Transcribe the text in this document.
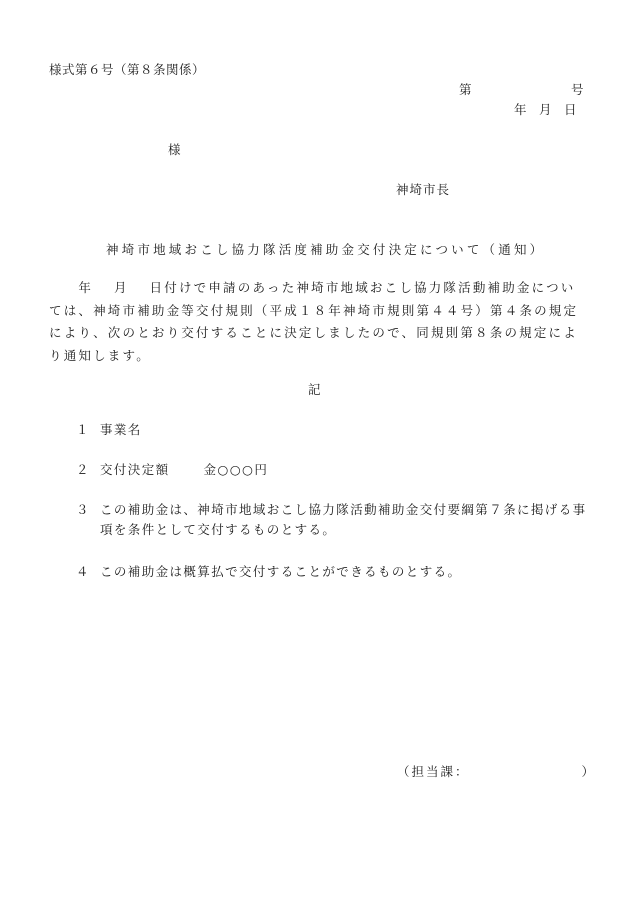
様式第６号（第８条関係）
第	号
年　月　日
様
神埼市長
神埼市地域おこし協力隊活度補助金交付決定について（通知）
　　年　 月　 日付けで申請のあった神埼市地域おこし協力隊活動補助金につい
ては、神埼市補助金等交付規則（平成１８年神埼市規則第４４号）第４条の規定
により、次のとおり交付することに決定しましたので、同規則第８条の規定によ
り通知します。
記
１ 事業名
２ 交付決定額	金○○○円
３ この補助金は、神埼市地域おこし協力隊活動補助金交付要綱第７条に掲げる事
項を条件として交付するものとする。
４ この補助金は概算払で交付することができるものとする。
（担当課：	）
